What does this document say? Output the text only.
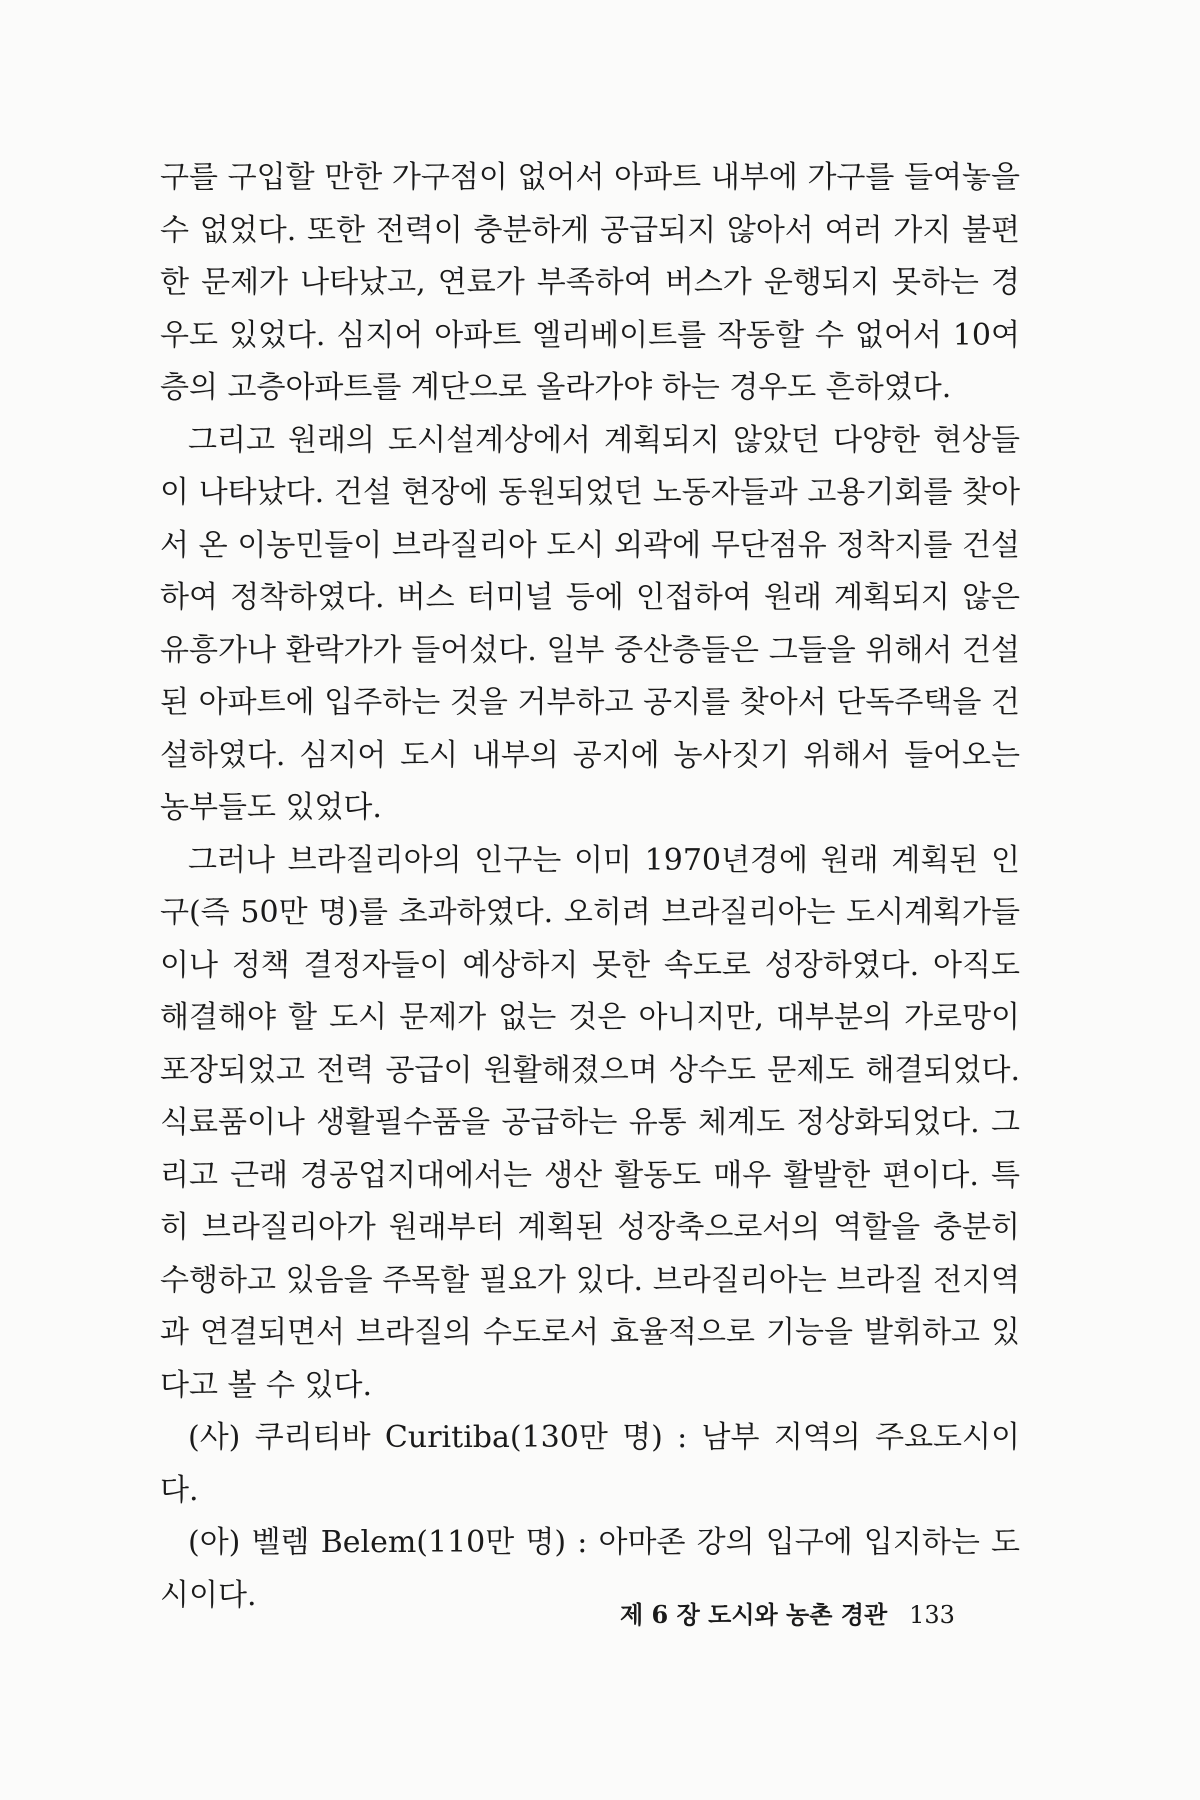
구를 구입할 만한 가구점이 없어서 아파트 내부에 가구를 들여놓을 수 없었다. 또한 전력이 충분하게 공급되지 않아서 여러 가지 불편한 문제가 나타났고, 연료가 부족하여 버스가 운행되지 못하는 경우도 있었다. 심지어 아파트 엘리베이트를 작동할 수 없어서 10여 층의 고층아파트를 계단으로 올라가야 하는 경우도 흔하였다.

그리고 원래의 도시설계상에서 계획되지 않았던 다양한 현상들이 나타났다. 건설 현장에 동원되었던 노동자들과 고용기회를 찾아서 온 이농민들이 브라질리아 도시 외곽에 무단점유 정착지를 건설하여 정착하였다. 버스 터미널 등에 인접하여 원래 계획되지 않은 유흥가나 환락가가 들어섰다. 일부 중산층들은 그들을 위해서 건설된 아파트에 입주하는 것을 거부하고 공지를 찾아서 단독주택을 건설하였다. 심지어 도시 내부의 공지에 농사짓기 위해서 들어오는 농부들도 있었다.

그러나 브라질리아의 인구는 이미 1970년경에 원래 계획된 인구(즉 50만 명)를 초과하였다. 오히려 브라질리아는 도시계획가들이나 정책 결정자들이 예상하지 못한 속도로 성장하였다. 아직도 해결해야 할 도시 문제가 없는 것은 아니지만, 대부분의 가로망이 포장되었고 전력 공급이 원활해졌으며 상수도 문제도 해결되었다. 식료품이나 생활필수품을 공급하는 유통 체계도 정상화되었다. 그리고 근래 경공업지대에서는 생산 활동도 매우 활발한 편이다. 특히 브라질리아가 원래부터 계획된 성장축으로서의 역할을 충분히 수행하고 있음을 주목할 필요가 있다. 브라질리아는 브라질 전지역과 연결되면서 브라질의 수도로서 효율적으로 기능을 발휘하고 있다고 볼 수 있다.

(사) 쿠리티바 Curitiba(130만 명) : 남부 지역의 주요도시이다.

(아) 벨렘 Belem(110만 명) : 아마존 강의 입구에 입지하는 도시이다.

제 6 장 도시와 농촌 경관 133
